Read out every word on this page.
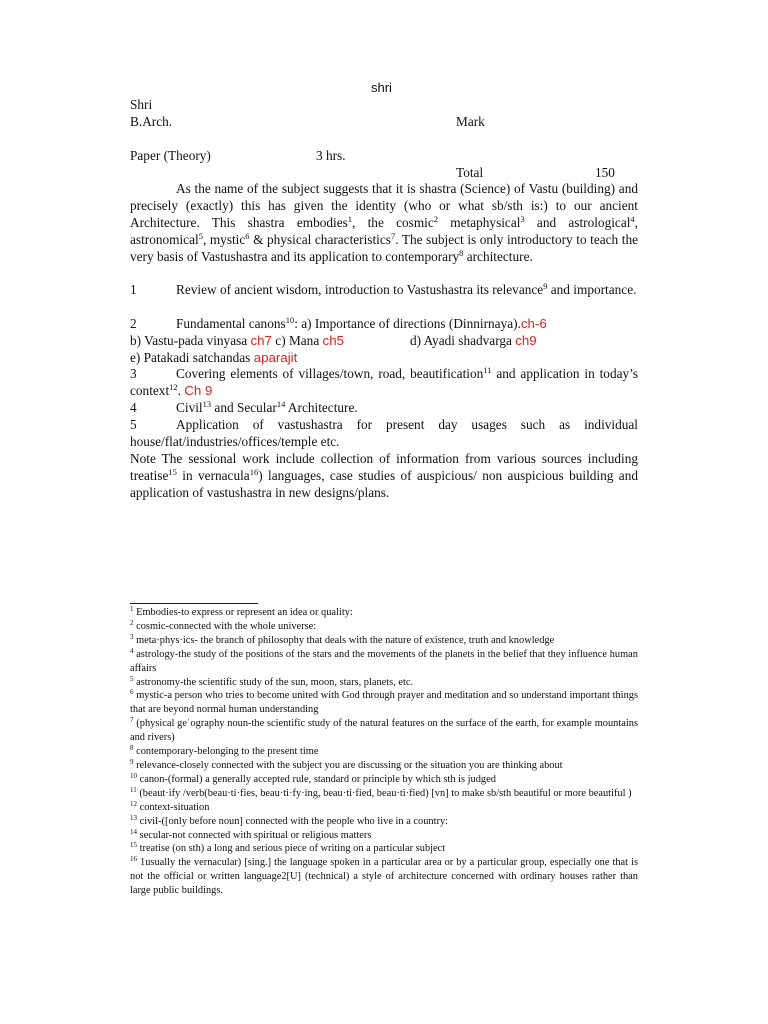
shri
Shri
B.Arch.	Mark
Paper (Theory)	3 hrs.
Total	150

As the name of the subject suggests that it is shastra (Science) of Vastu (building) and precisely (exactly) this has given the identity (who or what sb/sth is:) to our ancient Architecture. This shastra embodies$^1$, the cosmic$^2$ metaphysical$^3$ and astrological$^4$, astronomical$^5$, mystic$^6$ & physical characteristics$^7$. The subject is only introductory to teach the very basis of Vastushastra and its application to contemporary$^8$ architecture.

1	Review of ancient wisdom, introduction to Vastushastra its relevance$^9$ and importance.
2	Fundamental canons$^{10}$: a) Importance of directions (Dinnirnaya).ch-6
b) Vastu-pada vinyasa ch7 c) Mana ch5	d) Ayadi shadvarga ch9
e) Patakadi satchandas aparajit
3	Covering elements of villages/town, road, beautification$^{11}$ and application in today’s context$^{12}$. Ch 9
4	Civil$^{13}$ and Secular$^{14}$ Architecture.
5	Application of vastushastra for present day usages such as individual house/flat/industries/offices/temple etc.
Note The sessional work include collection of information from various sources including treatise$^{15}$ in vernacula$^{16}$) languages, case studies of auspicious/ non auspicious building and application of vastushastra in new designs/plans.

$^1$ Embodies-to express or represent an idea or quality:

$^2$ cosmic-connected with the whole universe:

$^3$ meta·phys·ics- the branch of philosophy that deals with the nature of existence, truth and knowledge

$^4$ astrology-the study of the positions of the stars and the movements of the planets in the belief that they influence human affairs

$^5$ astronomy-the scientific study of the sun, moon, stars, planets, etc.

$^6$ mystic-a person who tries to become united with God through prayer and meditation and so understand important things that are beyond normal human understanding

$^7$ (physical geˈography noun-the scientific study of the natural features on the surface of the earth, for example mountains and rivers)

$^8$ contemporary-belonging to the present time

$^9$ relevance-closely connected with the subject you are discussing or the situation you are thinking about

$^{10}$ canon-(formal) a generally accepted rule, standard or principle by which sth is judged

$^{11}$ (beaut·ify /verb(beau·ti·fies, beau·ti·fy·ing, beau·ti·fied, beau·ti·fied) [vn] to make sb/sth beautiful or more beautiful )

$^{12}$ context-situation

$^{13}$ civil-([only before noun] connected with the people who live in a country:

$^{14}$ secular-not connected with spiritual or religious matters

$^{15}$ treatise (on sth) a long and serious piece of writing on a particular subject

$^{16}$ 1usually the vernacular) [sing.] the language spoken in a particular area or by a particular group, especially one that is not the official or written language2[U] (technical) a style of architecture concerned with ordinary houses rather than large public buildings.
